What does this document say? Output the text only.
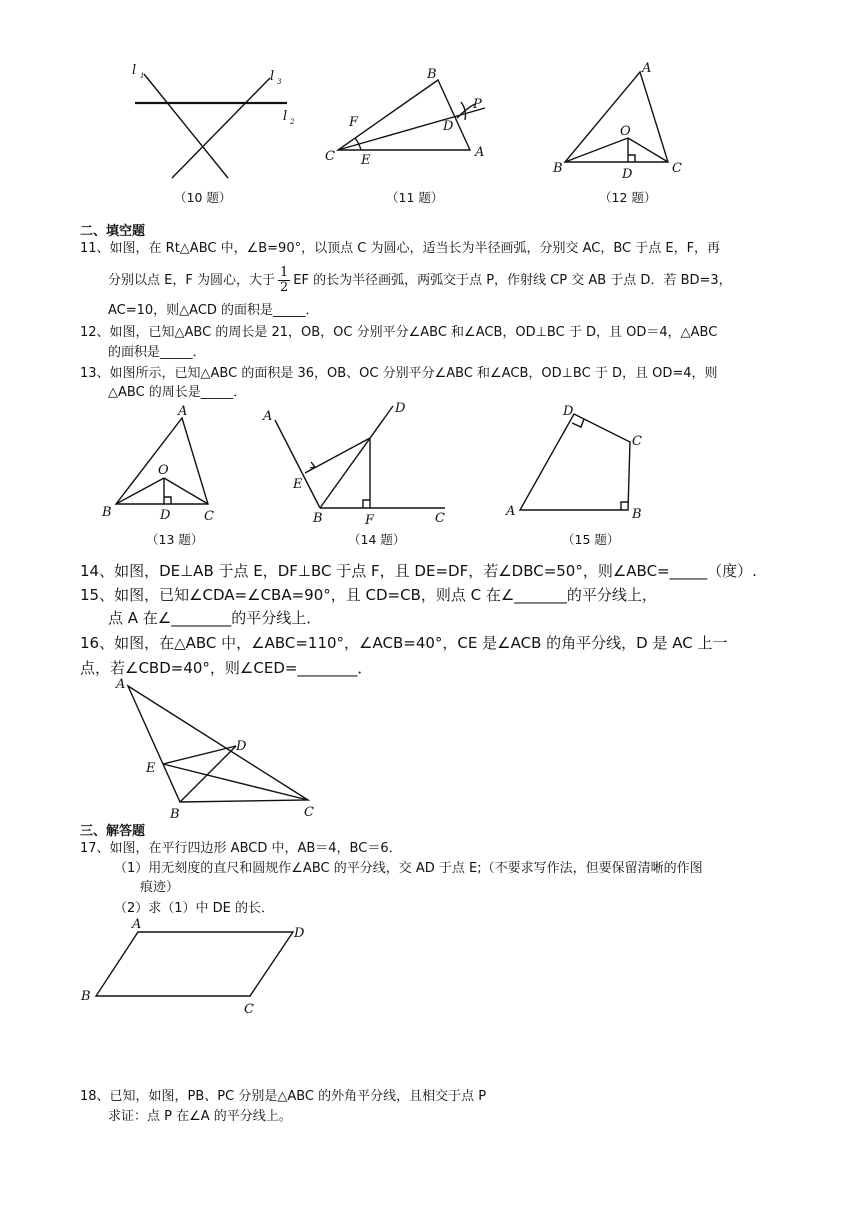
l 1	l 3
l 2
B
P
F	D
C E
A
A
O
B	D	C
（10 题）	（11 题）	（12 题）
二、填空题
11、如图，在 Rt△ABC 中，∠B=90°，以顶点 C 为圆心，适当长为半径画弧，分别交 AC，BC 于点 E，F，再
分别以点 E，F 为圆心，大于 $\frac{1}{2}$ EF 的长为半径画弧，两弧交于点 P，作射线 CP 交 AB 于点 D．若 BD=3，
AC=10，则△ACD 的面积是_____．
12、如图，已知△ABC 的周长是 21，OB，OC 分别平分∠ABC 和∠ACB，OD⊥BC 于 D，且 OD＝4，△ABC
的面积是_____．
13、如图所示，已知△ABC 的面积是 36，OB、OC 分别平分∠ABC 和∠ACB，OD⊥BC 于 D，且 OD=4，则
△ABC 的周长是_____．
A
O
B	D	C
A
D
E
B	F	C
D
C
A	B
（13 题）	（14 题）	（15 题）
14、如图，DE⊥AB 于点 E，DF⊥BC 于点 F，且 DE=DF，若∠DBC=50°，则∠ABC=_____（度）.
15、如图，已知∠CDA=∠CBA=90°，且 CD=CB，则点 C 在∠_______的平分线上，
点 A 在∠________的平分线上．
16、如图，在△ABC 中，∠ABC=110°，∠ACB=40°，CE 是∠ACB 的角平分线，D 是 AC 上一
点，若∠CBD=40°，则∠CED=________．
A
D
E
B	C
三、解答题
17、如图，在平行四边形 ABCD 中，AB＝4，BC＝6．
（1）用无刻度的直尺和圆规作∠ABC 的平分线，交 AD 于点 E;（不要求写作法，但要保留清晰的作图
痕迹）
（2）求（1）中 DE 的长．
A
D
B
C
18、已知，如图，PB、PC 分别是△ABC 的外角平分线，且相交于点 P
求证：点 P 在∠A 的平分线上。
